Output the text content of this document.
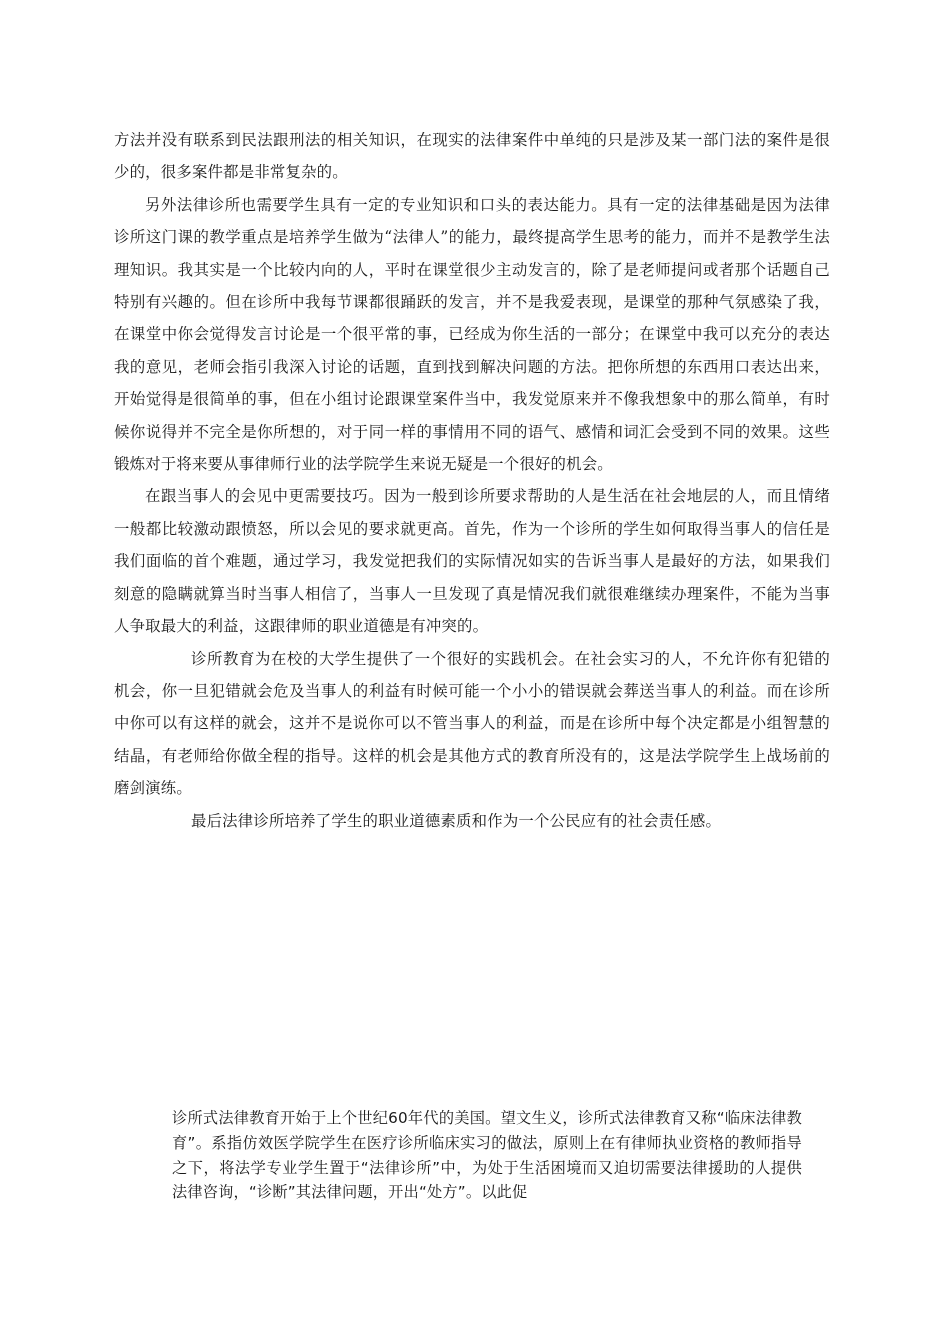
方法并没有联系到民法跟刑法的相关知识，在现实的法律案件中单纯的只是涉及某一部门法的案件是很少的，很多案件都是非常复杂的。

另外法律诊所也需要学生具有一定的专业知识和口头的表达能力。具有一定的法律基础是因为法律诊所这门课的教学重点是培养学生做为“法律人”的能力，最终提高学生思考的能力，而并不是教学生法理知识。我其实是一个比较内向的人，平时在课堂很少主动发言的，除了是老师提问或者那个话题自己特别有兴趣的。但在诊所中我每节课都很踊跃的发言，并不是我爱表现，是课堂的那种气氛感染了我，在课堂中你会觉得发言讨论是一个很平常的事，已经成为你生活的一部分；在课堂中我可以充分的表达我的意见，老师会指引我深入讨论的话题，直到找到解决问题的方法。把你所想的东西用口表达出来，开始觉得是很简单的事，但在小组讨论跟课堂案件当中，我发觉原来并不像我想象中的那么简单，有时候你说得并不完全是你所想的，对于同一样的事情用不同的语气、感情和词汇会受到不同的效果。这些锻炼对于将来要从事律师行业的法学院学生来说无疑是一个很好的机会。

在跟当事人的会见中更需要技巧。因为一般到诊所要求帮助的人是生活在社会地层的人，而且情绪一般都比较激动跟愤怒，所以会见的要求就更高。首先，作为一个诊所的学生如何取得当事人的信任是我们面临的首个难题，通过学习，我发觉把我们的实际情况如实的告诉当事人是最好的方法，如果我们刻意的隐瞒就算当时当事人相信了，当事人一旦发现了真是情况我们就很难继续办理案件，不能为当事人争取最大的利益，这跟律师的职业道德是有冲突的。

诊所教育为在校的大学生提供了一个很好的实践机会。在社会实习的人，不允许你有犯错的机会，你一旦犯错就会危及当事人的利益有时候可能一个小小的错误就会葬送当事人的利益。而在诊所中你可以有这样的就会，这并不是说你可以不管当事人的利益，而是在诊所中每个决定都是小组智慧的结晶，有老师给你做全程的指导。这样的机会是其他方式的教育所没有的，这是法学院学生上战场前的磨剑演练。

最后法律诊所培养了学生的职业道德素质和作为一个公民应有的社会责任感。

诊所式法律教育开始于上个世纪60年代的美国。望文生义，诊所式法律教育又称“临床法律教育”。系指仿效医学院学生在医疗诊所临床实习的做法，原则上在有律师执业资格的教师指导之下，将法学专业学生置于“法律诊所”中，为处于生活困境而又迫切需要法律援助的人提供法律咨询，“诊断”其法律问题，开出“处方”。以此促
